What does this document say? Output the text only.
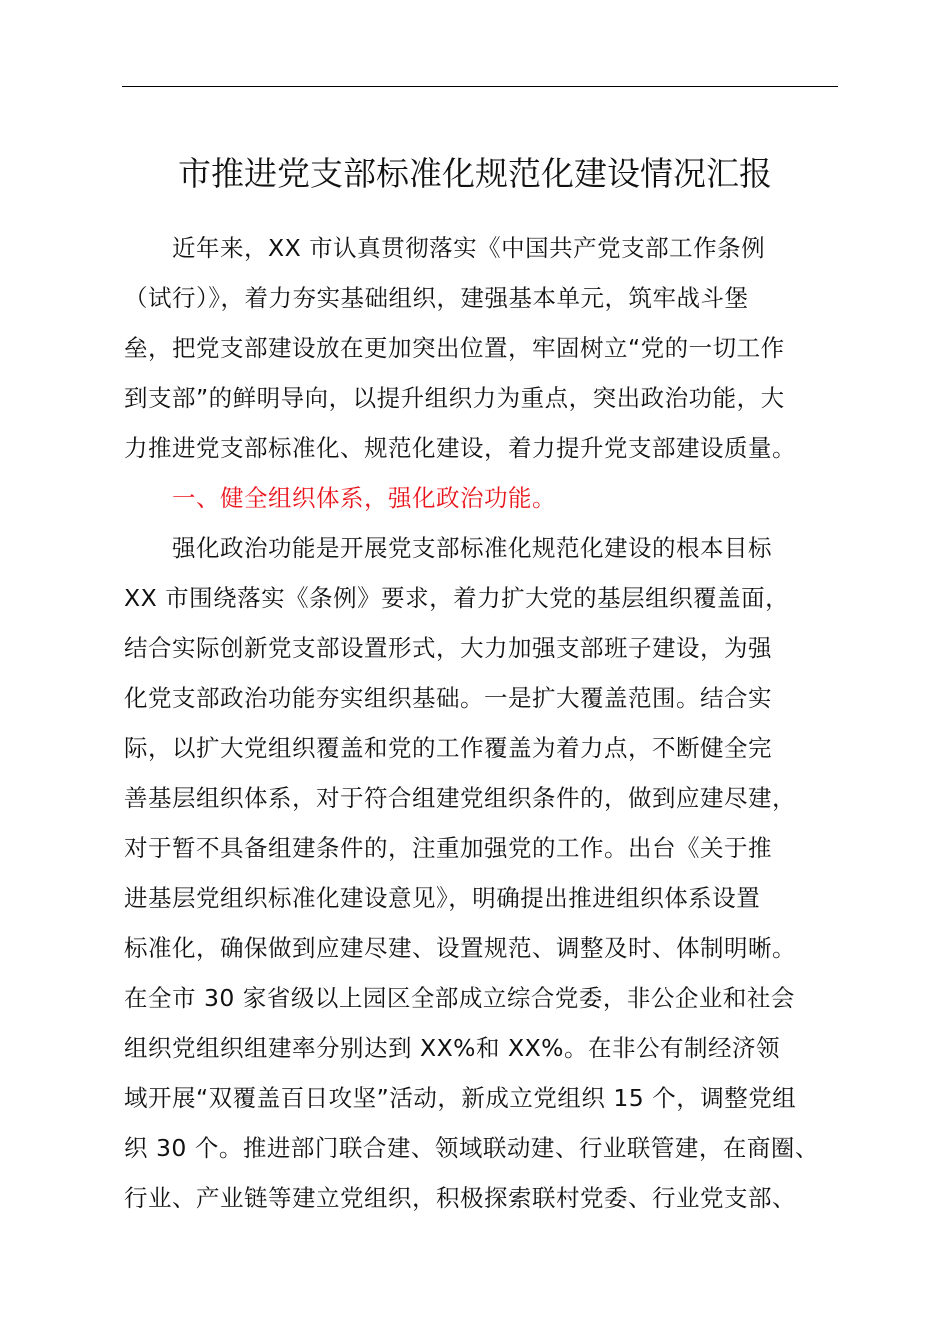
市推进党支部标准化规范化建设情况汇报
近年来，XX 市认真贯彻落实《中国共产党支部工作条例
（试行）》，着力夯实基础组织，建强基本单元，筑牢战斗堡
垒，把党支部建设放在更加突出位置，牢固树立“党的一切工作
到支部”的鲜明导向，以提升组织力为重点，突出政治功能，大
力推进党支部标准化、规范化建设，着力提升党支部建设质量。
一、健全组织体系，强化政治功能。
强化政治功能是开展党支部标准化规范化建设的根本目标
XX 市围绕落实《条例》要求，着力扩大党的基层组织覆盖面，
结合实际创新党支部设置形式，大力加强支部班子建设，为强
化党支部政治功能夯实组织基础。一是扩大覆盖范围。结合实
际，以扩大党组织覆盖和党的工作覆盖为着力点，不断健全完
善基层组织体系，对于符合组建党组织条件的，做到应建尽建，
对于暂不具备组建条件的，注重加强党的工作。出台《关于推
进基层党组织标准化建设意见》，明确提出推进组织体系设置
标准化，确保做到应建尽建、设置规范、调整及时、体制明晰。
在全市 30 家省级以上园区全部成立综合党委，非公企业和社会
组织党组织组建率分别达到 XX%和 XX%。在非公有制经济领
域开展“双覆盖百日攻坚”活动，新成立党组织 15 个，调整党组
织 30 个。推进部门联合建、领域联动建、行业联管建，在商圈、
行业、产业链等建立党组织，积极探索联村党委、行业党支部、
